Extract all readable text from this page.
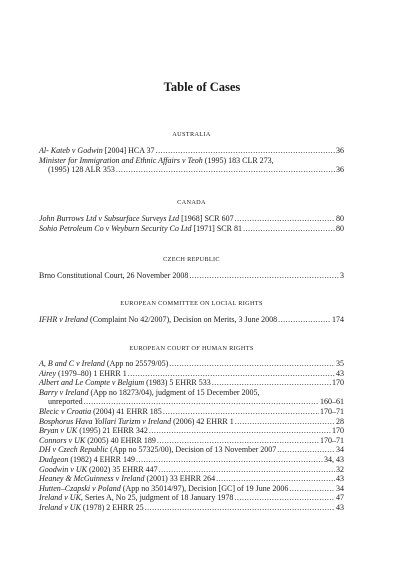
Table of Cases
AUSTRALIA
Al- Kateb v Godwin [2004] HCA 37 .....	36
Minister for Immigration and Ethnic Affairs v Teoh (1995) 183 CLR 273,
(1995) 128 ALR 353 .....	36
CANADA
John Burrows Ltd v Subsurface Surveys Ltd [1968] SCR 607 .....	80
Sohio Petroleum Co v Weyburn Security Co Ltd [1971] SCR 81 .....	80
CZECH REPUBLIC
Brno Constitutional Court, 26 November 2008 .....	3
EUROPEAN COMMITTEE ON LOCIAL RIGHTS
IFHR v Ireland (Complaint No 42/2007), Decision on Merits, 3 June 2008 .....	174
EUROPEAN COURT OF HUMAN RIGHTS
A, B and C v Ireland (App no 25579/05) .....	35
Airey (1979–80) 1 EHRR 1 .....	43
Albert and Le Compte v Belgium (1983) 5 EHRR 533 .....	170
Barry v Ireland (App no 18273/04), judgment of 15 December 2005,
unreported .....	160–61
Blecic v Croatia (2004) 41 EHRR 185 .....	170–71
Bosphorus Hava Yollari Turizm v Ireland (2006) 42 EHRR 1 .....	28
Bryan v UK (1995) 21 EHRR 342 .....	170
Connors v UK (2005) 40 EHRR 189 .....	170–71
DH v Czech Republic (App no 57325/00), Decision of 13 November 2007 .....	34
Dudgeon (1982) 4 EHRR 149 .....	34, 43
Goodwin v UK (2002) 35 EHRR 447 .....	32
Heaney & McGuinness v Ireland (2001) 33 EHRR 264 .....	43
Hutten–Czapski v Poland (App no 35014/97), Decision [GC] of 19 June 2006 .....	34
Ireland v UK, Series A, No 25, judgment of 18 January 1978 .....	47
Ireland v UK (1978) 2 EHRR 25 .....	43
